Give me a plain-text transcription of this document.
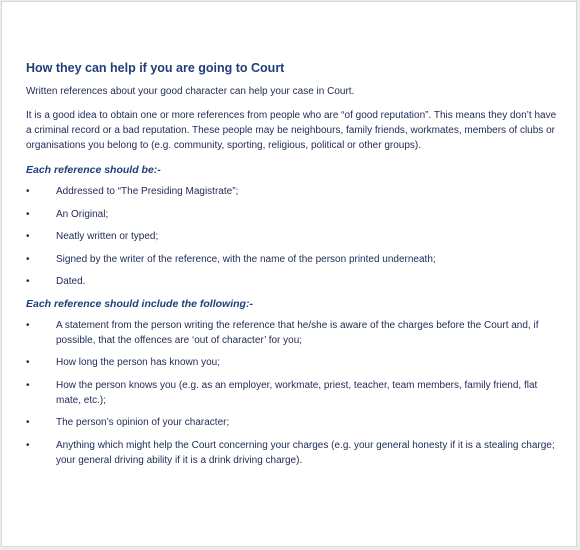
How they can help if you are going to Court

Written references about your good character can help your case in Court.

It is a good idea to obtain one or more references from people who are “of good reputation”. This means they don’t have a criminal record or a bad reputation. These people may be neighbours, family friends, workmates, members of clubs or organisations you belong to (e.g. community, sporting, religious, political or other groups).

Each reference should be:-
•	Addressed to “The Presiding Magistrate”;
•	An Original;
•	Neatly written or typed;
•	Signed by the writer of the reference, with the name of the person printed underneath;
•	Dated.
Each reference should include the following:-
•	A statement from the person writing the reference that he/she is aware of the charges before the Court and, if possible, that the offences are ‘out of character’ for you;
•	How long the person has known you;
•	How the person knows you (e.g. as an employer, workmate, priest, teacher, team members, family friend, flat mate, etc.);
•	The person’s opinion of your character;
•	Anything which might help the Court concerning your charges (e.g. your general honesty if it is a stealing charge; your general driving ability if it is a drink driving charge).
